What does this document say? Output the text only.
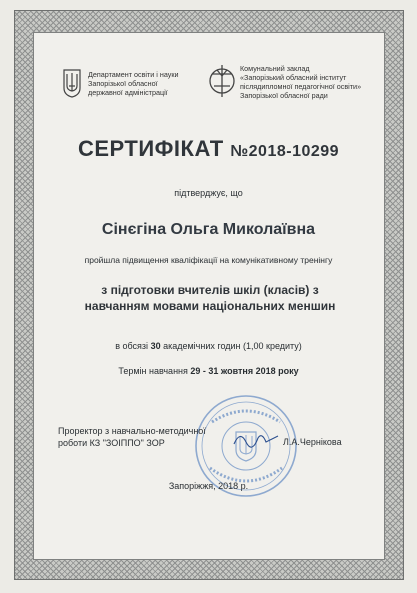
Департамент освіти і науки
Запорізької обласної
державної адміністрації
Комунальний заклад
«Запорізький обласний інститут
післядипломної педагогічної освіти»
Запорізької обласної ради
СЕРТИФІКАТ №2018-10299
підтверджує, що
Сінєгіна Ольга Миколаївна
пройшла підвищення кваліфікації на комунікативному тренінгу
з підготовки вчителів шкіл (класів) з
навчанням мовами національних меншин
в обсязі 30 академічних годин (1,00 кредиту)
Термін навчання 29 - 31 жовтня 2018 року
Проректор з навчально-методичної
роботи КЗ "ЗОІППО" ЗОР	Л.А.Чернікова
Запоріжжя, 2018 р.
